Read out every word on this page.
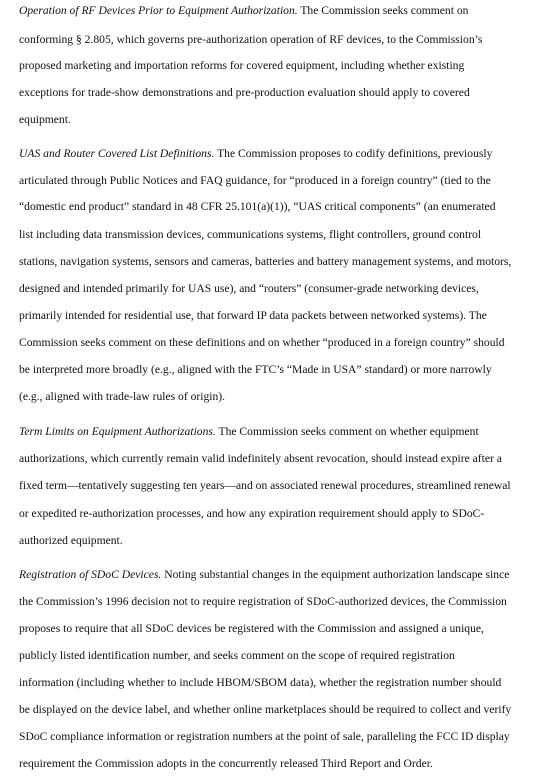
Operation of RF Devices Prior to Equipment Authorization. The Commission seeks comment on
conforming § 2.805, which governs pre-authorization operation of RF devices, to the Commission’s
proposed marketing and importation reforms for covered equipment, including whether existing
exceptions for trade-show demonstrations and pre-production evaluation should apply to covered
equipment.
UAS and Router Covered List Definitions. The Commission proposes to codify definitions, previously
articulated through Public Notices and FAQ guidance, for “produced in a foreign country” (tied to the
“domestic end product” standard in 48 CFR 25.101(a)(1)), “UAS critical components” (an enumerated
list including data transmission devices, communications systems, flight controllers, ground control
stations, navigation systems, sensors and cameras, batteries and battery management systems, and motors,
designed and intended primarily for UAS use), and “routers” (consumer-grade networking devices,
primarily intended for residential use, that forward IP data packets between networked systems). The
Commission seeks comment on these definitions and on whether “produced in a foreign country” should
be interpreted more broadly (e.g., aligned with the FTC’s “Made in USA” standard) or more narrowly
(e.g., aligned with trade-law rules of origin).
Term Limits on Equipment Authorizations. The Commission seeks comment on whether equipment
authorizations, which currently remain valid indefinitely absent revocation, should instead expire after a
fixed term—tentatively suggesting ten years—and on associated renewal procedures, streamlined renewal
or expedited re-authorization processes, and how any expiration requirement should apply to SDoC-
authorized equipment.
Registration of SDoC Devices. Noting substantial changes in the equipment authorization landscape since
the Commission’s 1996 decision not to require registration of SDoC-authorized devices, the Commission
proposes to require that all SDoC devices be registered with the Commission and assigned a unique,
publicly listed identification number, and seeks comment on the scope of required registration
information (including whether to include HBOM/SBOM data), whether the registration number should
be displayed on the device label, and whether online marketplaces should be required to collect and verify
SDoC compliance information or registration numbers at the point of sale, paralleling the FCC ID display
requirement the Commission adopts in the concurrently released Third Report and Order.
